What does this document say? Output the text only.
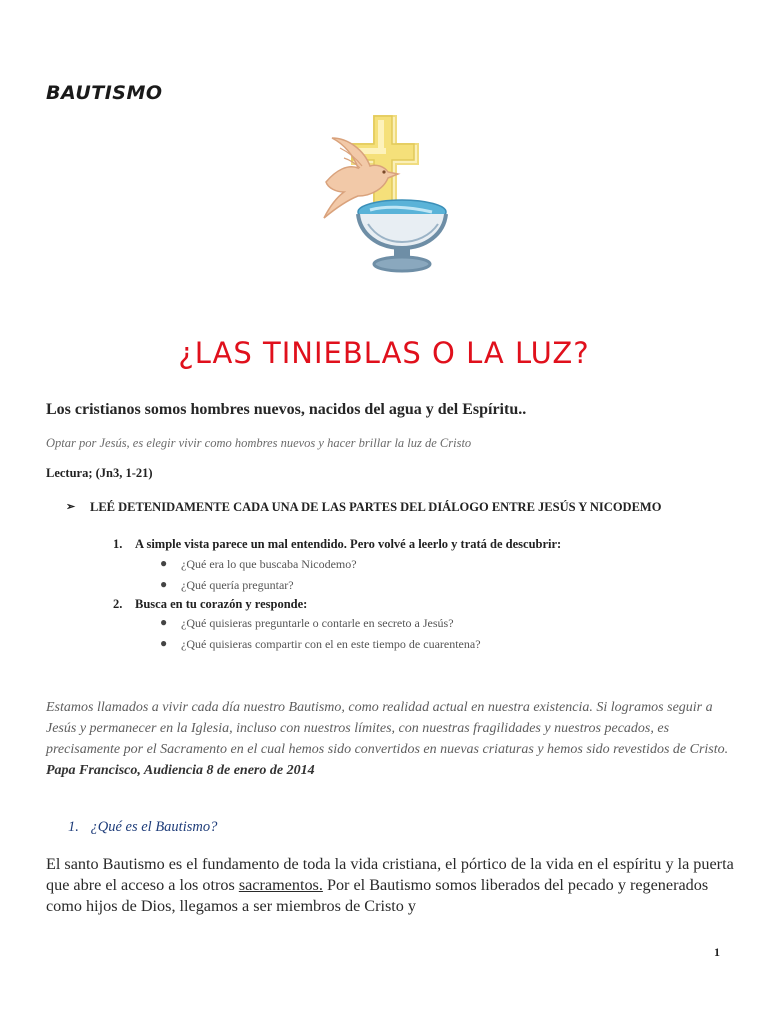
BAUTISMO
¿LAS TINIEBLAS O LA LUZ?
Los cristianos somos hombres nuevos, nacidos del agua y del Espíritu..
Optar por Jesús, es elegir vivir como hombres nuevos y hacer brillar la luz de Cristo
Lectura; (Jn3, 1-21)
➢	LEÉ DETENIDAMENTE CADA UNA DE LAS PARTES DEL DIÁLOGO ENTRE JESÚS Y NICODEMO
1. A simple vista parece un mal entendido. Pero volvé a leerlo y tratá de descubrir:
● ¿Qué era lo que buscaba Nicodemo?
● ¿Qué quería preguntar?
2. Busca en tu corazón y responde:
● ¿Qué quisieras preguntarle o contarle en secreto a Jesús?
● ¿Qué quisieras compartir con el en este tiempo de cuarentena?
Estamos llamados a vivir cada día nuestro Bautismo, como realidad actual en nuestra existencia. Si logramos seguir a Jesús y permanecer en la Iglesia, incluso con nuestros límites, con nuestras fragilidades y nuestros pecados, es precisamente por el Sacramento en el cual hemos sido convertidos en nuevas criaturas y hemos sido revestidos de Cristo. Papa Francisco, Audiencia 8 de enero de 2014
1. ¿Qué es el Bautismo?
El santo Bautismo es el fundamento de toda la vida cristiana, el pórtico de la vida en el espíritu y la puerta que abre el acceso a los otros sacramentos. Por el Bautismo somos liberados del pecado y regenerados como hijos de Dios, llegamos a ser miembros de Cristo y
1
